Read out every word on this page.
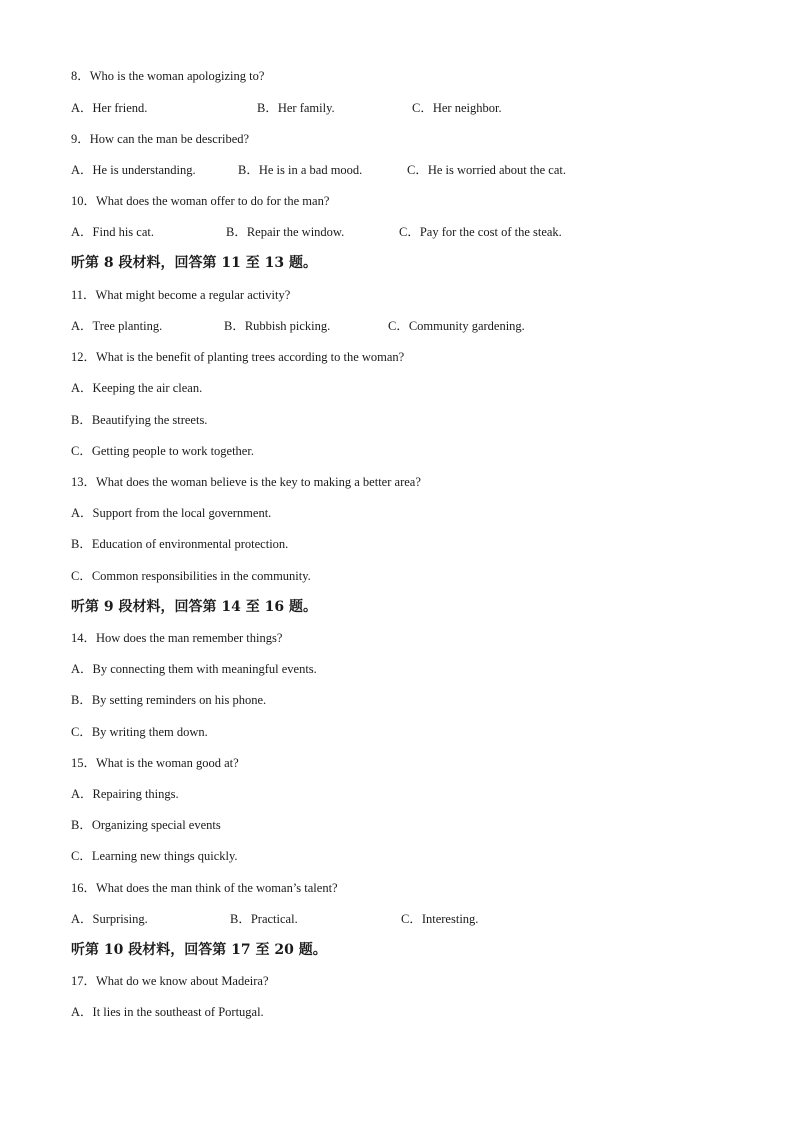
8．Who is the woman apologizing to?
A．Her friend.	B．Her family.	C．Her neighbor.
9．How can the man be described?
A．He is understanding.	B．He is in a bad mood.	C．He is worried about the cat.
10．What does the woman offer to do for the man?
A．Find his cat.	B．Repair the window.	C．Pay for the cost of the steak.
听第 8 段材料，回答第 11 至 13 题。
11．What might become a regular activity?
A．Tree planting.	B．Rubbish picking.	C．Community gardening.
12．What is the benefit of planting trees according to the woman?
A．Keeping the air clean.
B．Beautifying the streets.
C．Getting people to work together.
13．What does the woman believe is the key to making a better area?
A．Support from the local government.
B．Education of environmental protection.
C．Common responsibilities in the community.
听第 9 段材料，回答第 14 至 16 题。
14．How does the man remember things?
A．By connecting them with meaningful events.
B．By setting reminders on his phone.
C．By writing them down.
15．What is the woman good at?
A．Repairing things.
B．Organizing special events
C．Learning new things quickly.
16．What does the man think of the woman’s talent?
A．Surprising.	B．Practical.	C．Interesting.
听第 10 段材料，回答第 17 至 20 题。
17．What do we know about Madeira?
A．It lies in the southeast of Portugal.
